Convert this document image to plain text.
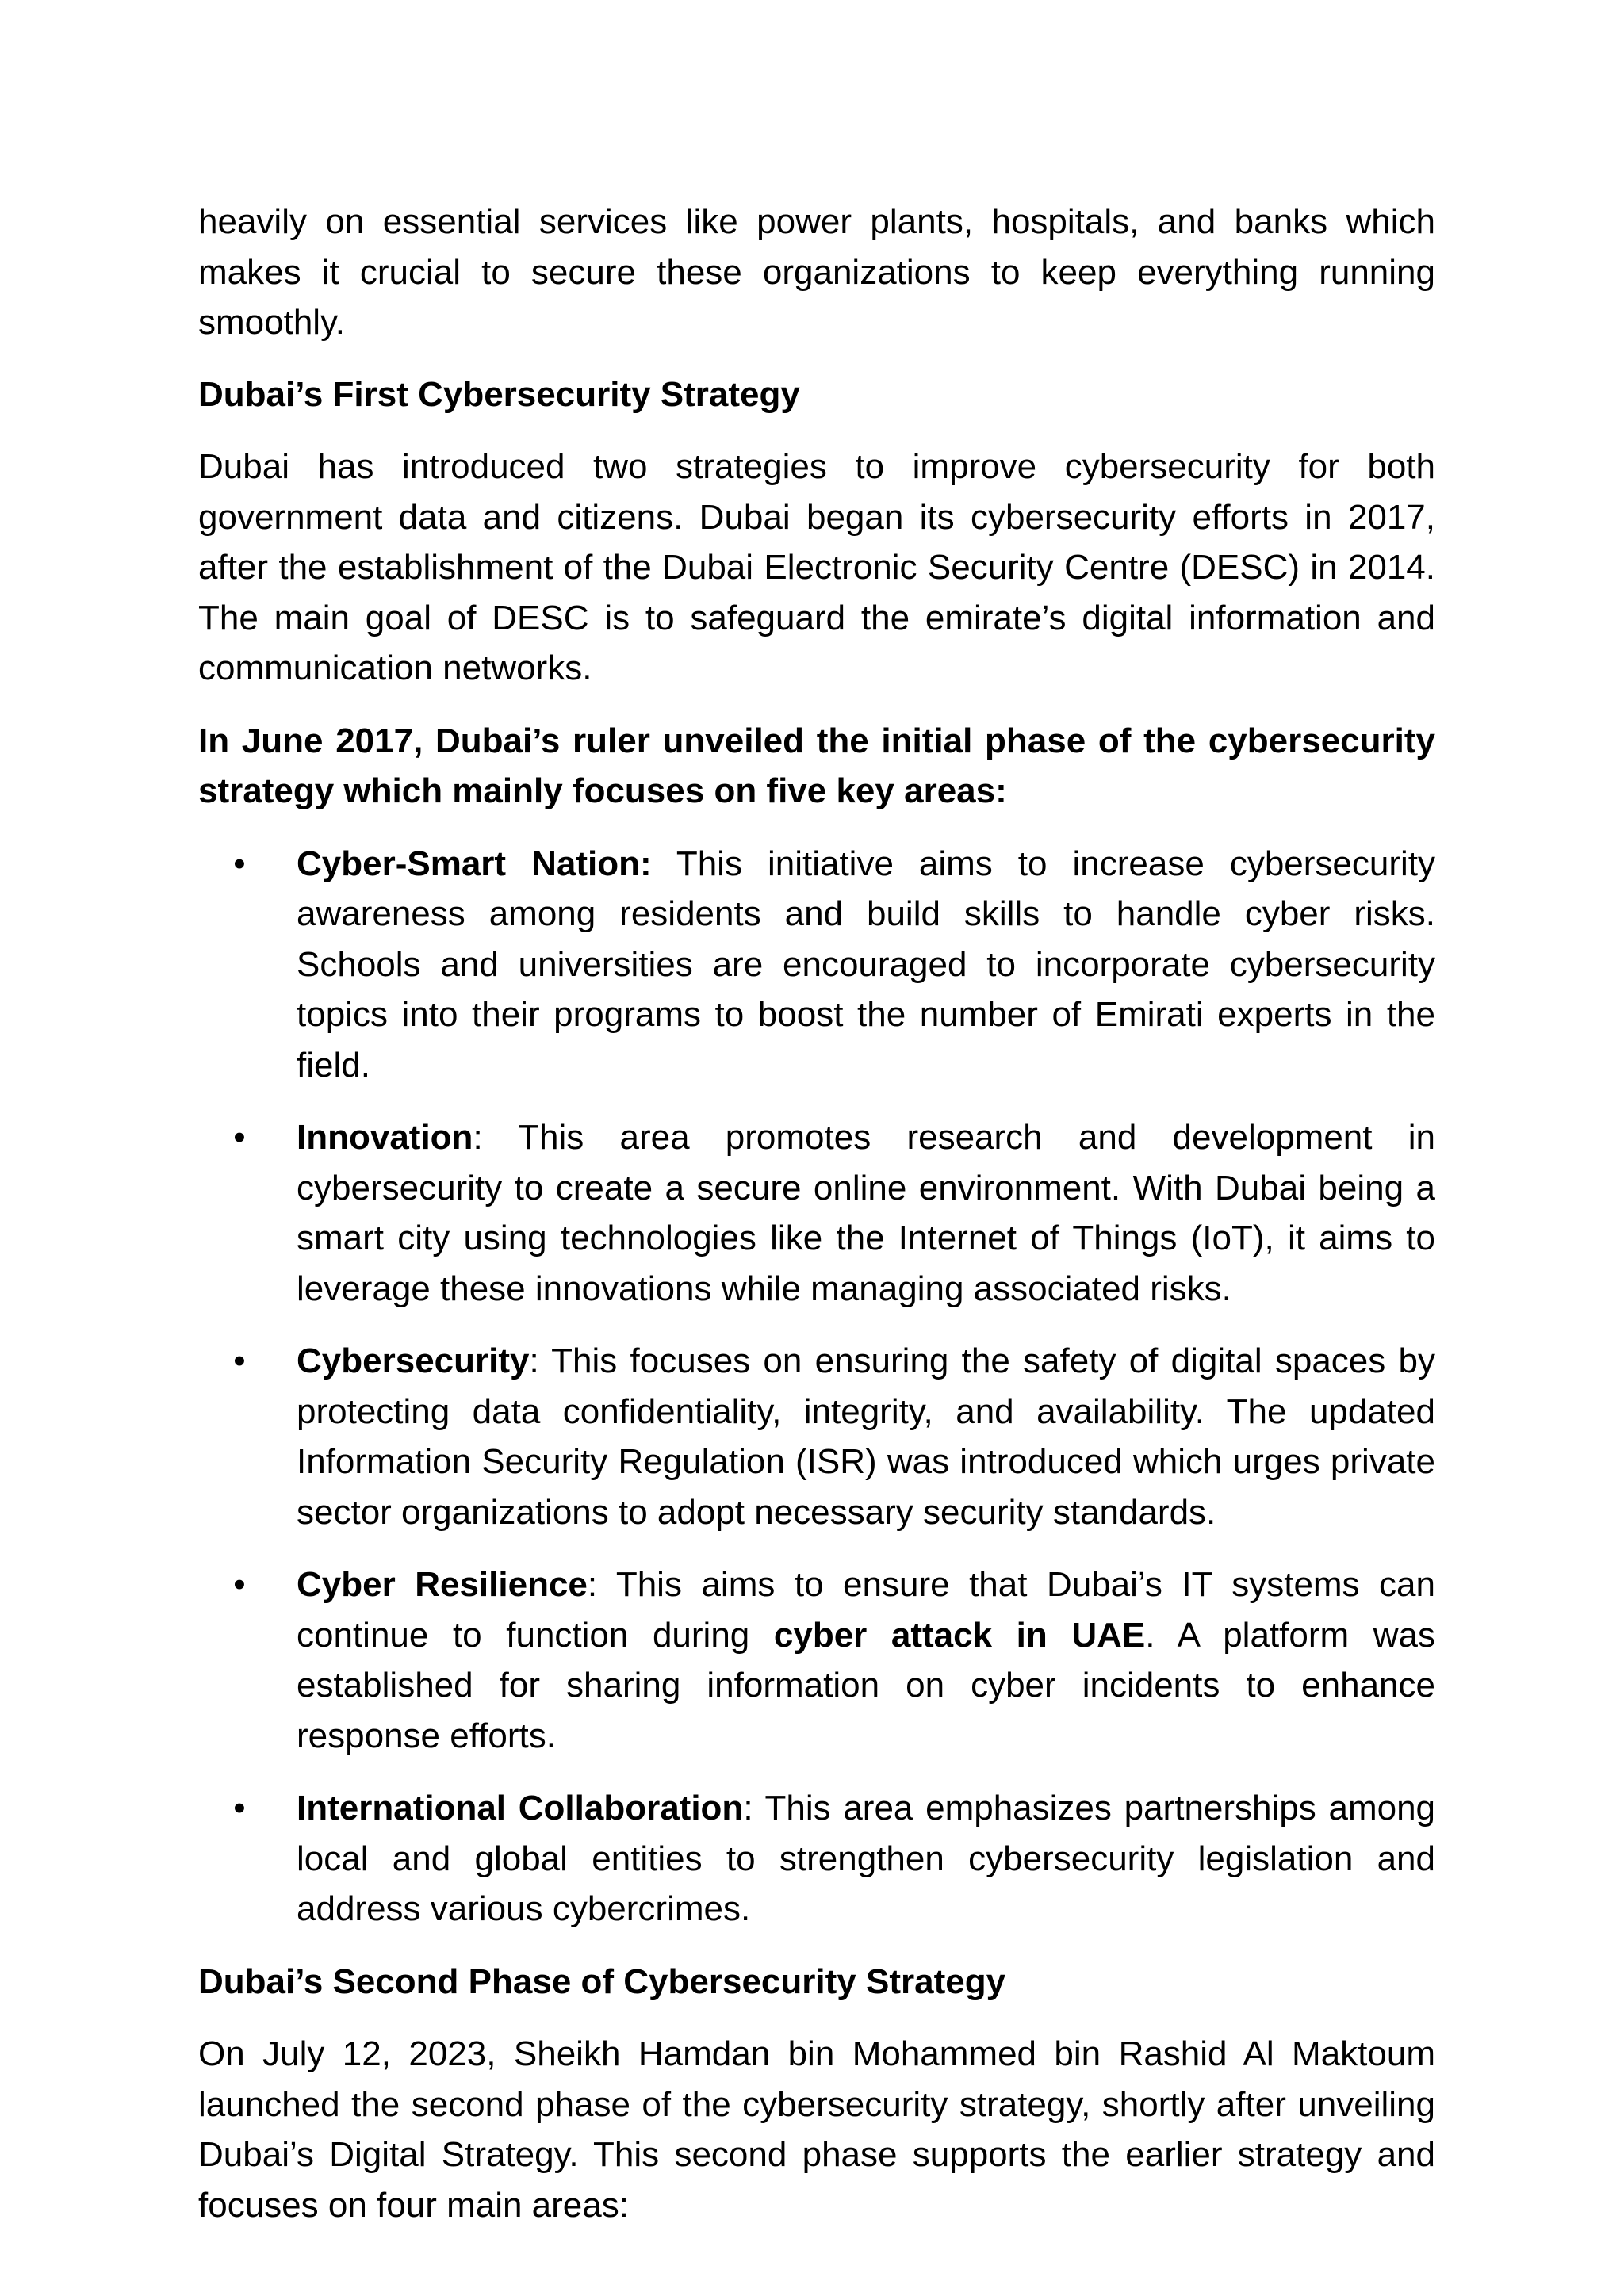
heavily on essential services like power plants, hospitals, and banks which makes it crucial to secure these organizations to keep everything running smoothly.

Dubai’s First Cybersecurity Strategy

Dubai has introduced two strategies to improve cybersecurity for both government data and citizens. Dubai began its cybersecurity efforts in 2017, after the establishment of the Dubai Electronic Security Centre (DESC) in 2014. The main goal of DESC is to safeguard the emirate’s digital information and communication networks.

In June 2017, Dubai’s ruler unveiled the initial phase of the cybersecurity strategy which mainly focuses on five key areas:

• Cyber-Smart Nation: This initiative aims to increase cybersecurity awareness among residents and build skills to handle cyber risks. Schools and universities are encouraged to incorporate cybersecurity topics into their programs to boost the number of Emirati experts in the field.
• Innovation: This area promotes research and development in cybersecurity to create a secure online environment. With Dubai being a smart city using technologies like the Internet of Things (IoT), it aims to leverage these innovations while managing associated risks.
• Cybersecurity: This focuses on ensuring the safety of digital spaces by protecting data confidentiality, integrity, and availability. The updated Information Security Regulation (ISR) was introduced which urges private sector organizations to adopt necessary security standards.
• Cyber Resilience: This aims to ensure that Dubai’s IT systems can continue to function during cyber attack in UAE. A platform was established for sharing information on cyber incidents to enhance response efforts.
• International Collaboration: This area emphasizes partnerships among local and global entities to strengthen cybersecurity legislation and address various cybercrimes.

Dubai’s Second Phase of Cybersecurity Strategy

On July 12, 2023, Sheikh Hamdan bin Mohammed bin Rashid Al Maktoum launched the second phase of the cybersecurity strategy, shortly after unveiling Dubai’s Digital Strategy. This second phase supports the earlier strategy and focuses on four main areas:
